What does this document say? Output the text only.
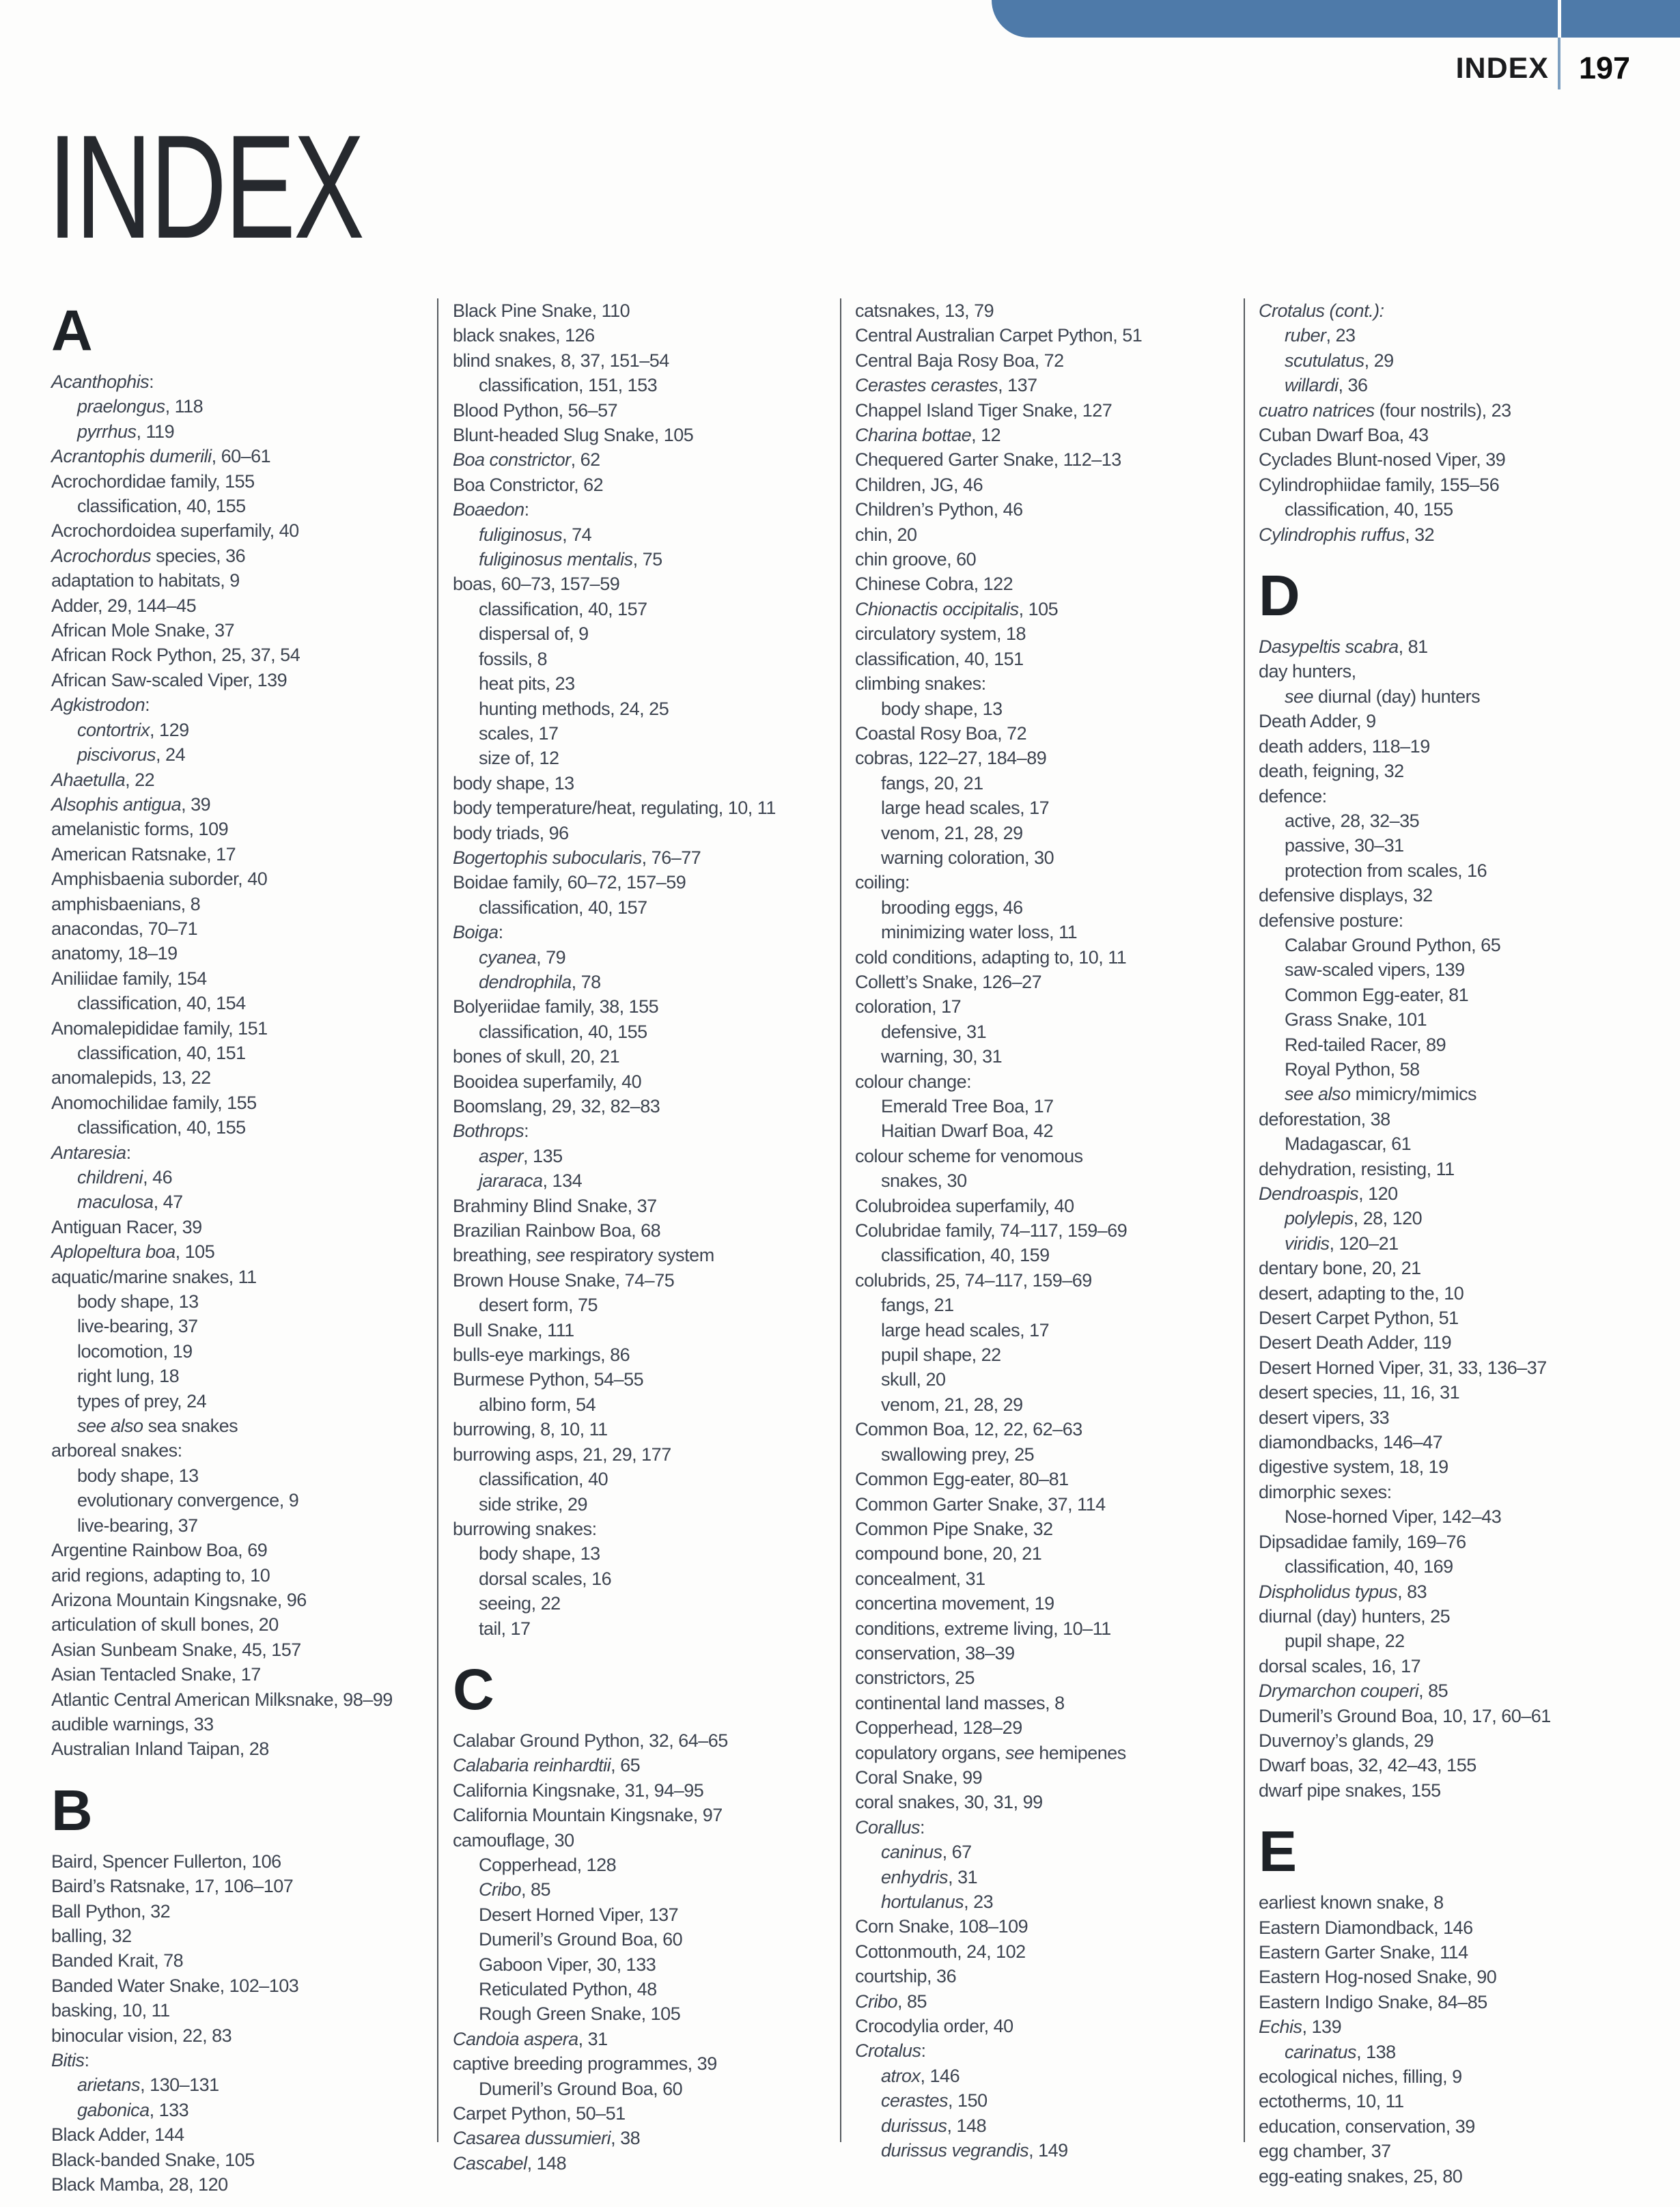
INDEX 197
INDEX
A
Acanthophis:
praelongus, 118
pyrrhus, 119
Acrantophis dumerili, 60–61
Acrochordidae family, 155
classification, 40, 155
Acrochordoidea superfamily, 40
Acrochordus species, 36
adaptation to habitats, 9
Adder, 29, 144–45
African Mole Snake, 37
African Rock Python, 25, 37, 54
African Saw-scaled Viper, 139
Agkistrodon:
contortrix, 129
piscivorus, 24
Ahaetulla, 22
Alsophis antigua, 39
amelanistic forms, 109
American Ratsnake, 17
Amphisbaenia suborder, 40
amphisbaenians, 8
anacondas, 70–71
anatomy, 18–19
Aniliidae family, 154
classification, 40, 154
Anomalepididae family, 151
classification, 40, 151
anomalepids, 13, 22
Anomochilidae family, 155
classification, 40, 155
Antaresia:
childreni, 46
maculosa, 47
Antiguan Racer, 39
Aplopeltura boa, 105
aquatic/marine snakes, 11
body shape, 13
live-bearing, 37
locomotion, 19
right lung, 18
types of prey, 24
see also sea snakes
arboreal snakes:
body shape, 13
evolutionary convergence, 9
live-bearing, 37
Argentine Rainbow Boa, 69
arid regions, adapting to, 10
Arizona Mountain Kingsnake, 96
articulation of skull bones, 20
Asian Sunbeam Snake, 45, 157
Asian Tentacled Snake, 17
Atlantic Central American Milksnake, 98–99
audible warnings, 33
Australian Inland Taipan, 28
B
Baird, Spencer Fullerton, 106
Baird’s Ratsnake, 17, 106–107
Ball Python, 32
balling, 32
Banded Krait, 78
Banded Water Snake, 102–103
basking, 10, 11
binocular vision, 22, 83
Bitis:
arietans, 130–131
gabonica, 133
Black Adder, 144
Black-banded Snake, 105
Black Mamba, 28, 120
Black Pine Snake, 110
black snakes, 126
blind snakes, 8, 37, 151–54
classification, 151, 153
Blood Python, 56–57
Blunt-headed Slug Snake, 105
Boa constrictor, 62
Boa Constrictor, 62
Boaedon:
fuliginosus, 74
fuliginosus mentalis, 75
boas, 60–73, 157–59
classification, 40, 157
dispersal of, 9
fossils, 8
heat pits, 23
hunting methods, 24, 25
scales, 17
size of, 12
body shape, 13
body temperature/heat, regulating, 10, 11
body triads, 96
Bogertophis subocularis, 76–77
Boidae family, 60–72, 157–59
classification, 40, 157
Boiga:
cyanea, 79
dendrophila, 78
Bolyeriidae family, 38, 155
classification, 40, 155
bones of skull, 20, 21
Booidea superfamily, 40
Boomslang, 29, 32, 82–83
Bothrops:
asper, 135
jararaca, 134
Brahminy Blind Snake, 37
Brazilian Rainbow Boa, 68
breathing, see respiratory system
Brown House Snake, 74–75
desert form, 75
Bull Snake, 111
bulls-eye markings, 86
Burmese Python, 54–55
albino form, 54
burrowing, 8, 10, 11
burrowing asps, 21, 29, 177
classification, 40
side strike, 29
burrowing snakes:
body shape, 13
dorsal scales, 16
seeing, 22
tail, 17
C
Calabar Ground Python, 32, 64–65
Calabaria reinhardtii, 65
California Kingsnake, 31, 94–95
California Mountain Kingsnake, 97
camouflage, 30
Copperhead, 128
Cribo, 85
Desert Horned Viper, 137
Dumeril’s Ground Boa, 60
Gaboon Viper, 30, 133
Reticulated Python, 48
Rough Green Snake, 105
Candoia aspera, 31
captive breeding programmes, 39
Dumeril’s Ground Boa, 60
Carpet Python, 50–51
Casarea dussumieri, 38
Cascabel, 148
catsnakes, 13, 79
Central Australian Carpet Python, 51
Central Baja Rosy Boa, 72
Cerastes cerastes, 137
Chappel Island Tiger Snake, 127
Charina bottae, 12
Chequered Garter Snake, 112–13
Children, JG, 46
Children’s Python, 46
chin, 20
chin groove, 60
Chinese Cobra, 122
Chionactis occipitalis, 105
circulatory system, 18
classification, 40, 151
climbing snakes:
body shape, 13
Coastal Rosy Boa, 72
cobras, 122–27, 184–89
fangs, 20, 21
large head scales, 17
venom, 21, 28, 29
warning coloration, 30
coiling:
brooding eggs, 46
minimizing water loss, 11
cold conditions, adapting to, 10, 11
Collett’s Snake, 126–27
coloration, 17
defensive, 31
warning, 30, 31
colour change:
Emerald Tree Boa, 17
Haitian Dwarf Boa, 42
colour scheme for venomous
snakes, 30
Colubroidea superfamily, 40
Colubridae family, 74–117, 159–69
classification, 40, 159
colubrids, 25, 74–117, 159–69
fangs, 21
large head scales, 17
pupil shape, 22
skull, 20
venom, 21, 28, 29
Common Boa, 12, 22, 62–63
swallowing prey, 25
Common Egg-eater, 80–81
Common Garter Snake, 37, 114
Common Pipe Snake, 32
compound bone, 20, 21
concealment, 31
concertina movement, 19
conditions, extreme living, 10–11
conservation, 38–39
constrictors, 25
continental land masses, 8
Copperhead, 128–29
copulatory organs, see hemipenes
Coral Snake, 99
coral snakes, 30, 31, 99
Corallus:
caninus, 67
enhydris, 31
hortulanus, 23
Corn Snake, 108–109
Cottonmouth, 24, 102
courtship, 36
Cribo, 85
Crocodylia order, 40
Crotalus:
atrox, 146
cerastes, 150
durissus, 148
durissus vegrandis, 149
Crotalus (cont.):
ruber, 23
scutulatus, 29
willardi, 36
cuatro natrices (four nostrils), 23
Cuban Dwarf Boa, 43
Cyclades Blunt-nosed Viper, 39
Cylindrophiidae family, 155–56
classification, 40, 155
Cylindrophis ruffus, 32
D
Dasypeltis scabra, 81
day hunters,
see diurnal (day) hunters
Death Adder, 9
death adders, 118–19
death, feigning, 32
defence:
active, 28, 32–35
passive, 30–31
protection from scales, 16
defensive displays, 32
defensive posture:
Calabar Ground Python, 65
saw-scaled vipers, 139
Common Egg-eater, 81
Grass Snake, 101
Red-tailed Racer, 89
Royal Python, 58
see also mimicry/mimics
deforestation, 38
Madagascar, 61
dehydration, resisting, 11
Dendroaspis, 120
polylepis, 28, 120
viridis, 120–21
dentary bone, 20, 21
desert, adapting to the, 10
Desert Carpet Python, 51
Desert Death Adder, 119
Desert Horned Viper, 31, 33, 136–37
desert species, 11, 16, 31
desert vipers, 33
diamondbacks, 146–47
digestive system, 18, 19
dimorphic sexes:
Nose-horned Viper, 142–43
Dipsadidae family, 169–76
classification, 40, 169
Dispholidus typus, 83
diurnal (day) hunters, 25
pupil shape, 22
dorsal scales, 16, 17
Drymarchon couperi, 85
Dumeril’s Ground Boa, 10, 17, 60–61
Duvernoy’s glands, 29
Dwarf boas, 32, 42–43, 155
dwarf pipe snakes, 155
E
earliest known snake, 8
Eastern Diamondback, 146
Eastern Garter Snake, 114
Eastern Hog-nosed Snake, 90
Eastern Indigo Snake, 84–85
Echis, 139
carinatus, 138
ecological niches, filling, 9
ectotherms, 10, 11
education, conservation, 39
egg chamber, 37
egg-eating snakes, 25, 80
